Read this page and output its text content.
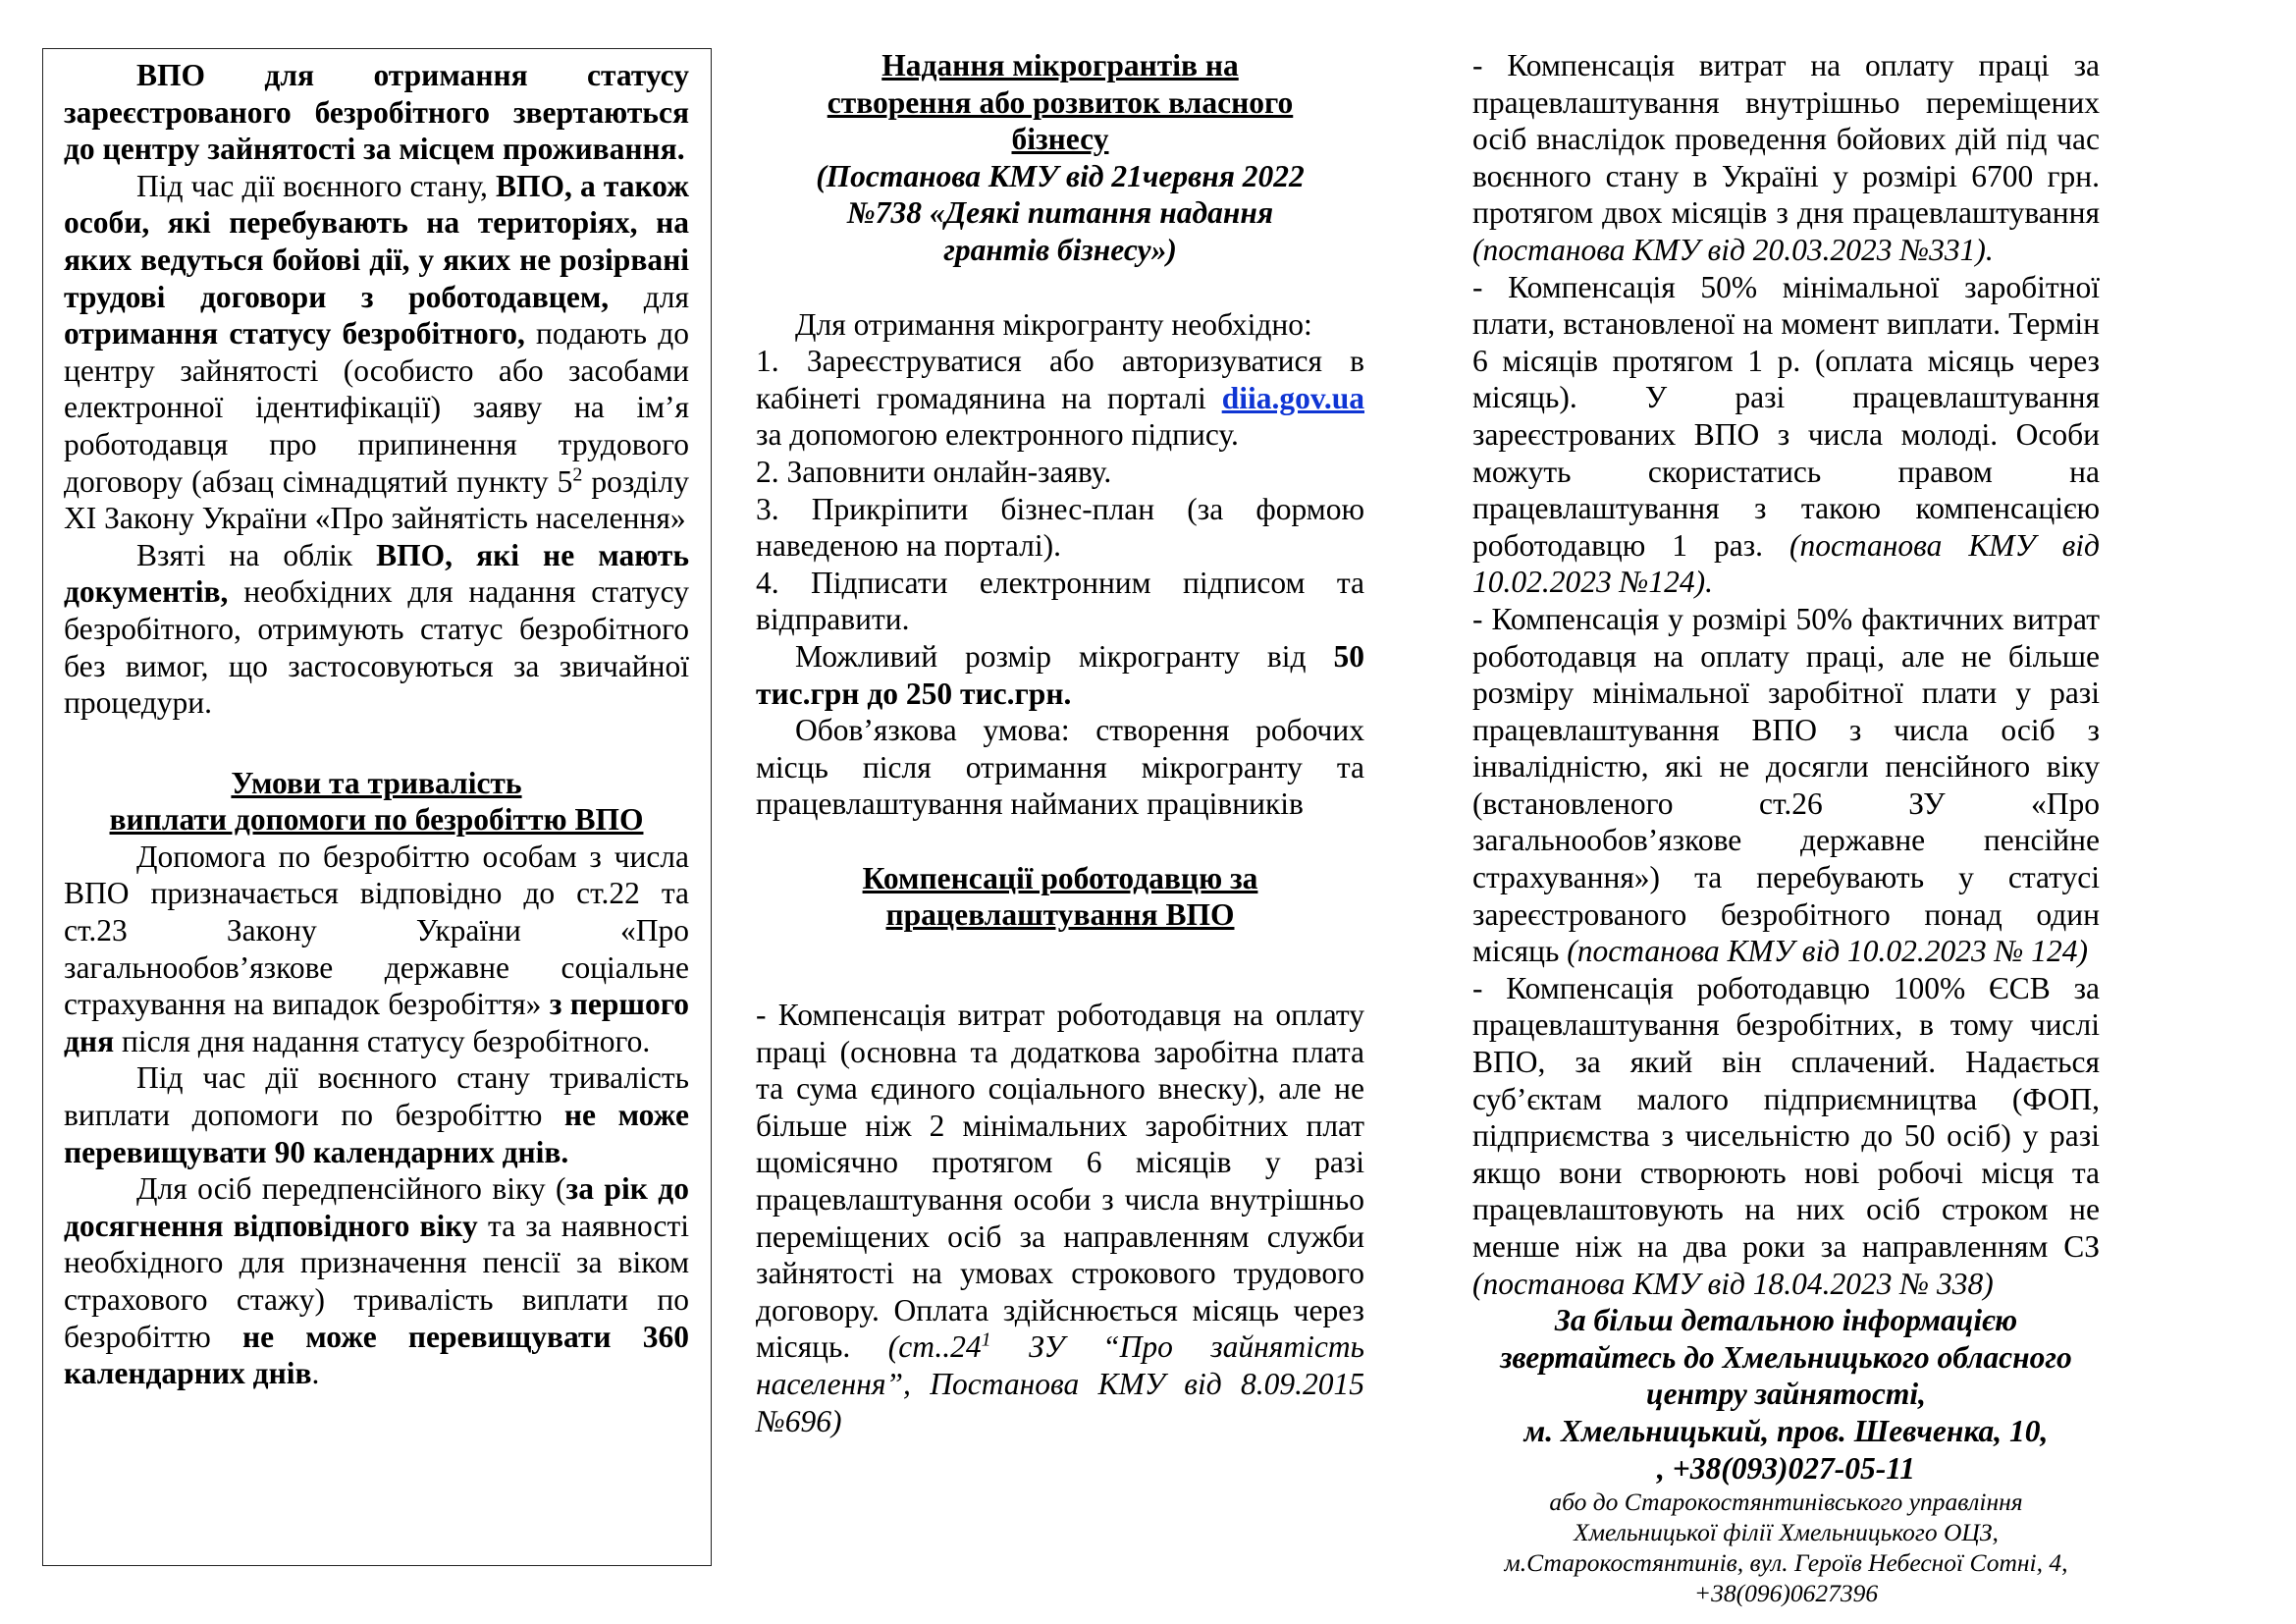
ВПО для отримання статусу зареєстрованого безробітного звертаються до центру зайнятості за місцем проживання.

Під час дії воєнного стану, ВПО, а також особи, які перебувають на територіях, на яких ведуться бойові дії, у яких не розірвані трудові договори з роботодавцем, для отримання статусу безробітного, подають до центру зайнятості (особисто або засобами електронної ідентифікації) заяву на ім’я роботодавця про припинення трудового договору (абзац сімнадцятий пункту $5^2$ розділу XI Закону України «Про зайнятість населення»

Взяті на облік ВПО, які не мають документів, необхідних для надання статусу безробітного, отримують статус безробітного без вимог, що застосовуються за звичайної процедури.

Умови та тривалість
виплати допомоги по безробіттю ВПО

Допомога по безробіттю особам з числа ВПО призначається відповідно до ст.22 та ст.23 Закону України «Про загальнообов’язкове державне соціальне страхування на випадок безробіття» з першого дня після дня надання статусу безробітного.

Під час дії воєнного стану тривалість виплати допомоги по безробіттю не може перевищувати 90 календарних днів.

Для осіб передпенсійного віку (за рік до досягнення відповідного віку та за наявності необхідного для призначення пенсії за віком страхового стажу) тривалість виплати по безробіттю не може перевищувати 360 календарних днів.

Надання мікрогрантів на
створення або розвиток власного
бізнесу
(Постанова КМУ від 21червня 2022
№738 «Деякі питання надання
грантів бізнесу»)

Для отримання мікрогранту необхідно:

1. Зареєструватися або авторизуватися в кабінеті громадянина на порталі diia.gov.ua за допомогою електронного підпису.

2. Заповнити онлайн-заяву.

3. Прикріпити бізнес-план (за формою наведеною на порталі).

4. Підписати електронним підписом та відправити.

Можливий розмір мікрогранту від 50 тис.грн до 250 тис.грн.

Обов’язкова умова: створення робочих місць після отримання мікрогранту та працевлаштування найманих працівників

Компенсації роботодавцю за
працевлаштування ВПО

- Компенсація витрат роботодавця на оплату праці (основна та додаткова заробітна плата та сума єдиного соціального внеску), але не більше ніж 2 мінімальних заробітних плат щомісячно протягом 6 місяців у разі працевлаштування особи з числа внутрішньо переміщених осіб за направленням служби зайнятості на умовах строкового трудового договору. Оплата здійснюється місяць через місяць. (ст..24$^1$ ЗУ “Про зайнятість населення”, Постанова КМУ від 8.09.2015 №696)

- Компенсація витрат на оплату праці за працевлаштування внутрішньо переміщених осіб внаслідок проведення бойових дій під час воєнного стану в Україні у розмірі 6700 грн. протягом двох місяців з дня працевлаштування (постанова КМУ від 20.03.2023 №331).

- Компенсація 50% мінімальної заробітної плати, встановленої на момент виплати. Термін 6 місяців протягом 1 р. (оплата місяць через місяць). У разі працевлаштування зареєстрованих ВПО з числа молоді. Особи можуть скористатись правом на працевлаштування з такою компенсацією роботодавцю 1 раз. (постанова КМУ від 10.02.2023 №124).

- Компенсація у розмірі 50% фактичних витрат роботодавця на оплату праці, але не більше розміру мінімальної заробітної плати у разі працевлаштування ВПО з числа осіб з інвалідністю, які не досягли пенсійного віку (встановленого ст.26 ЗУ «Про загальнообов’язкове державне пенсійне страхування») та перебувають у статусі зареєстрованого безробітного понад один місяць (постанова КМУ від 10.02.2023 № 124)

- Компенсація роботодавцю 100% ЄСВ за працевлаштування безробітних, в тому числі ВПО, за який він сплачений. Надається суб’єктам малого підприємництва (ФОП, підприємства з чисельністю до 50 осіб) у разі якщо вони створюють нові робочі місця та працевлаштовують на них осіб строком не менше ніж на два роки за направленням СЗ (постанова КМУ від 18.04.2023 № 338)

За більш детальною інформацією
звертайтесь до Хмельницького обласного
центру зайнятості,
м. Хмельницький, пров. Шевченка, 10,
, +38(093)027-05-11
або до Старокостянтинівського управління
Хмельницької філії Хмельницького ОЦЗ,
м.Старокостянтинів, вул. Героїв Небесної Сотні, 4,
+38(096)0627396
